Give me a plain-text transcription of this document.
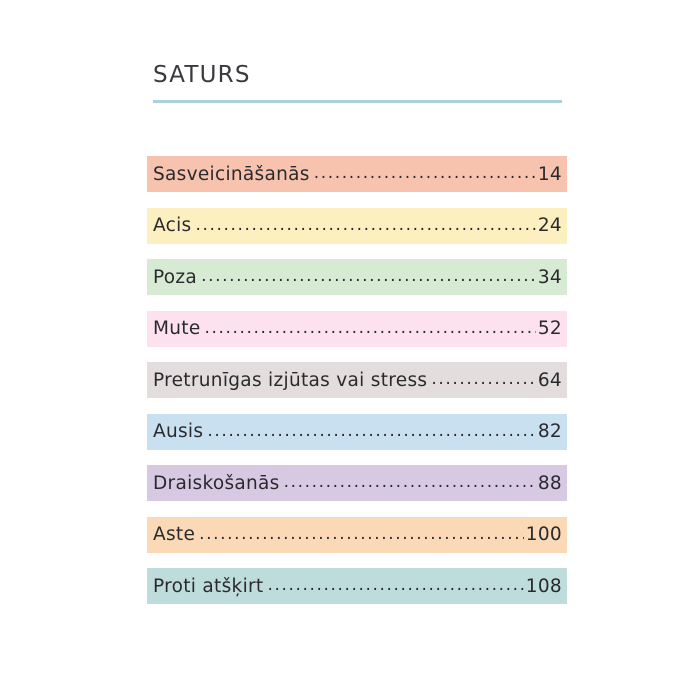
SATURS
Sasveicināšanās .....	14
Acis .....	24
Poza .....	34
Mute .....	52
Pretrunīgas izjūtas vai stress .....	64
Ausis .....	82
Draiskošanās .....	88
Aste .....	100
Proti atšķirt .....	108
